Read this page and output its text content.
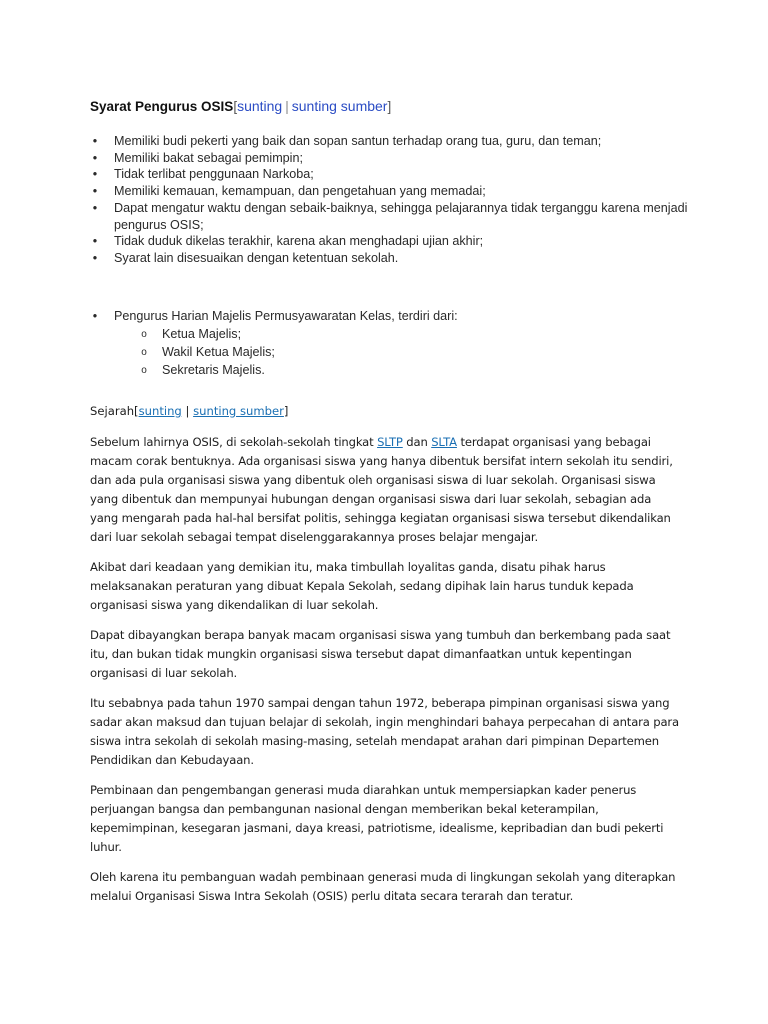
Syarat Pengurus OSIS[sunting | sunting sumber]
• Memiliki budi pekerti yang baik dan sopan santun terhadap orang tua, guru, dan teman;
• Memiliki bakat sebagai pemimpin;
• Tidak terlibat penggunaan Narkoba;
• Memiliki kemauan, kemampuan, dan pengetahuan yang memadai;
• Dapat mengatur waktu dengan sebaik-baiknya, sehingga pelajarannya tidak terganggu karena menjadi pengurus OSIS;
• Tidak duduk dikelas terakhir, karena akan menghadapi ujian akhir;
• Syarat lain disesuaikan dengan ketentuan sekolah.
• Pengurus Harian Majelis Permusyawaratan Kelas, terdiri dari:
o Ketua Majelis;
o Wakil Ketua Majelis;
o Sekretaris Majelis.
Sejarah[sunting | sunting sumber]

Sebelum lahirnya OSIS, di sekolah-sekolah tingkat SLTP dan SLTA terdapat organisasi yang bebagai macam corak bentuknya. Ada organisasi siswa yang hanya dibentuk bersifat intern sekolah itu sendiri, dan ada pula organisasi siswa yang dibentuk oleh organisasi siswa di luar sekolah. Organisasi siswa yang dibentuk dan mempunyai hubungan dengan organisasi siswa dari luar sekolah, sebagian ada yang mengarah pada hal-hal bersifat politis, sehingga kegiatan organisasi siswa tersebut dikendalikan dari luar sekolah sebagai tempat diselenggarakannya proses belajar mengajar.

Akibat dari keadaan yang demikian itu, maka timbullah loyalitas ganda, disatu pihak harus melaksanakan peraturan yang dibuat Kepala Sekolah, sedang dipihak lain harus tunduk kepada organisasi siswa yang dikendalikan di luar sekolah.

Dapat dibayangkan berapa banyak macam organisasi siswa yang tumbuh dan berkembang pada saat itu, dan bukan tidak mungkin organisasi siswa tersebut dapat dimanfaatkan untuk kepentingan organisasi di luar sekolah.

Itu sebabnya pada tahun 1970 sampai dengan tahun 1972, beberapa pimpinan organisasi siswa yang sadar akan maksud dan tujuan belajar di sekolah, ingin menghindari bahaya perpecahan di antara para siswa intra sekolah di sekolah masing-masing, setelah mendapat arahan dari pimpinan Departemen Pendidikan dan Kebudayaan.

Pembinaan dan pengembangan generasi muda diarahkan untuk mempersiapkan kader penerus perjuangan bangsa dan pembangunan nasional dengan memberikan bekal keterampilan, kepemimpinan, kesegaran jasmani, daya kreasi, patriotisme, idealisme, kepribadian dan budi pekerti luhur.

Oleh karena itu pembanguan wadah pembinaan generasi muda di lingkungan sekolah yang diterapkan melalui Organisasi Siswa Intra Sekolah (OSIS) perlu ditata secara terarah dan teratur.
